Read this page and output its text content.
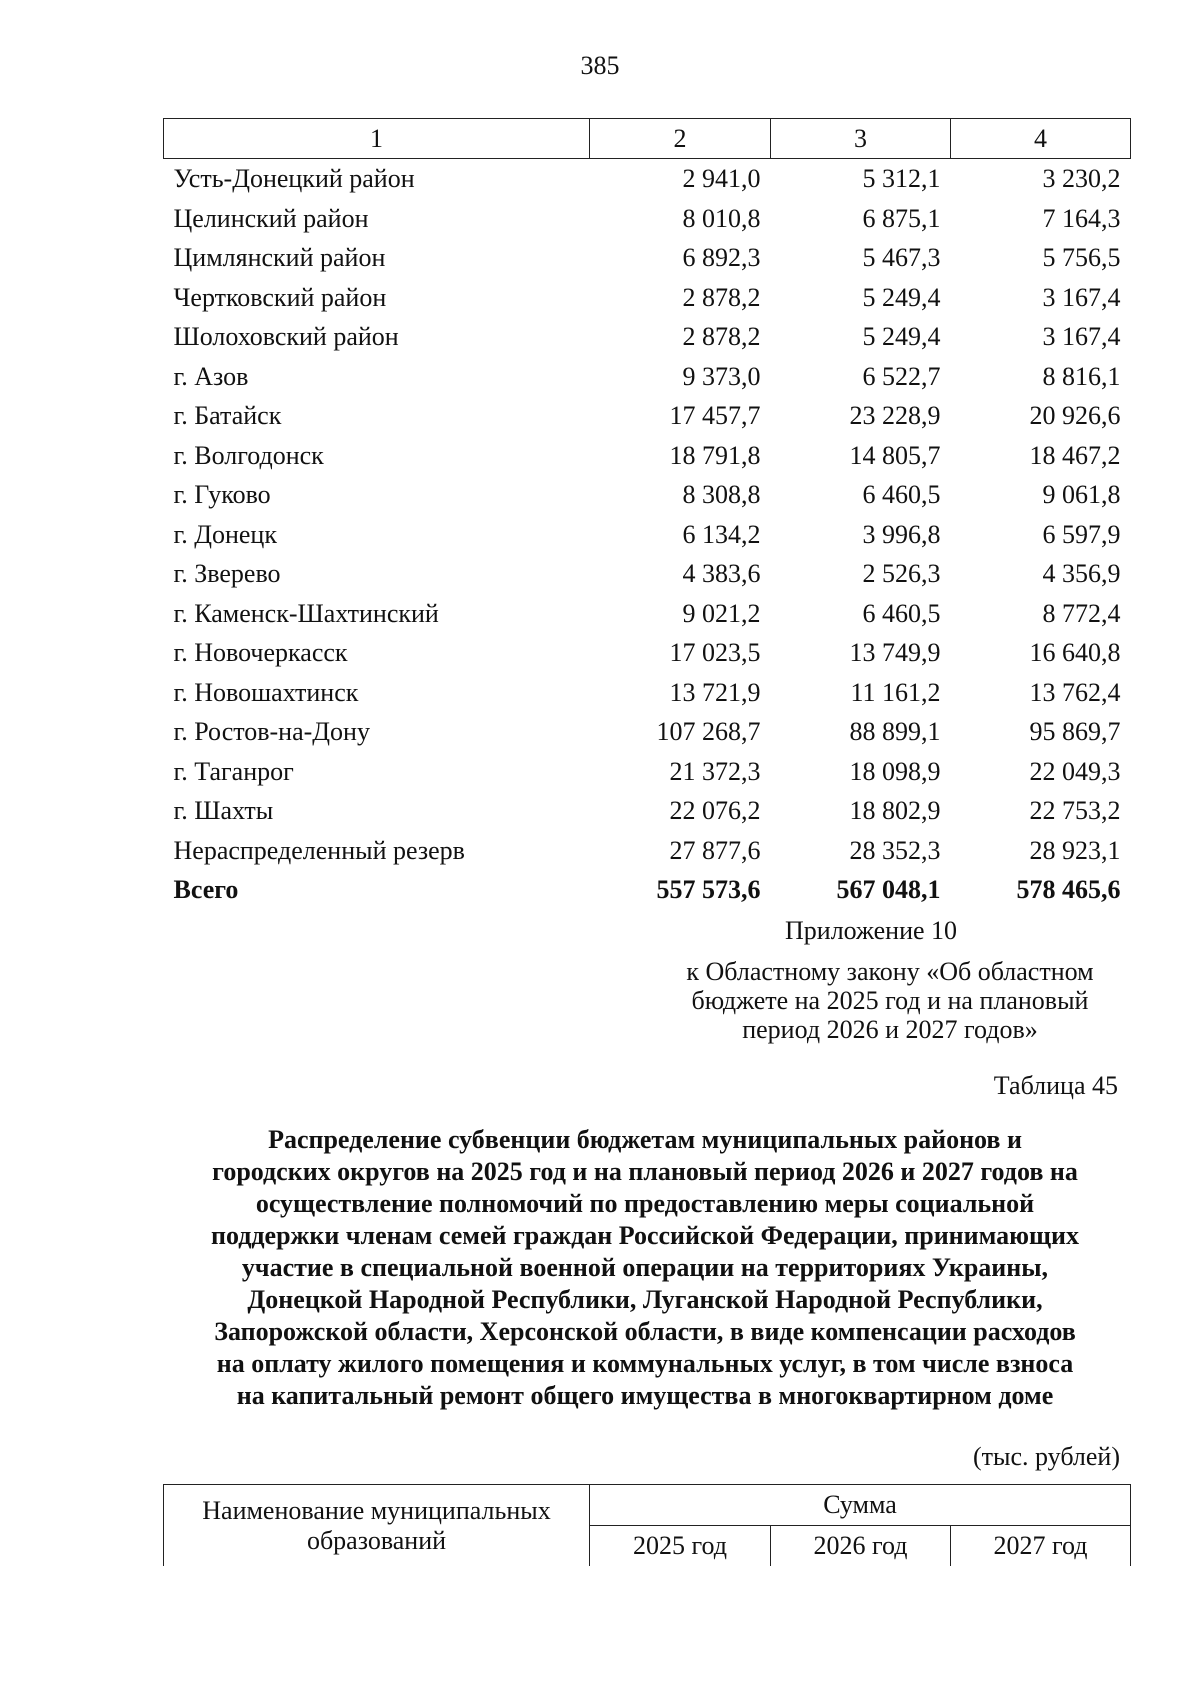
385
1	2	3	4
Усть-Донецкий район	2 941,0	5 312,1	3 230,2
Целинский район	8 010,8	6 875,1	7 164,3
Цимлянский район	6 892,3	5 467,3	5 756,5
Чертковский район	2 878,2	5 249,4	3 167,4
Шолоховский район	2 878,2	5 249,4	3 167,4
г. Азов	9 373,0	6 522,7	8 816,1
г. Батайск	17 457,7	23 228,9	20 926,6
г. Волгодонск	18 791,8	14 805,7	18 467,2
г. Гуково	8 308,8	6 460,5	9 061,8
г. Донецк	6 134,2	3 996,8	6 597,9
г. Зверево	4 383,6	2 526,3	4 356,9
г. Каменск-Шахтинский	9 021,2	6 460,5	8 772,4
г. Новочеркасск	17 023,5	13 749,9	16 640,8
г. Новошахтинск	13 721,9	11 161,2	13 762,4
г. Ростов-на-Дону	107 268,7	88 899,1	95 869,7
г. Таганрог	21 372,3	18 098,9	22 049,3
г. Шахты	22 076,2	18 802,9	22 753,2
Нераспределенный резерв	27 877,6	28 352,3	28 923,1
Всего	557 573,6	567 048,1	578 465,6
Приложение 10
к Областному закону «Об областном
бюджете на 2025 год и на плановый
период 2026 и 2027 годов»
Таблица 45
Распределение субвенции бюджетам муниципальных районов и
городских округов на 2025 год и на плановый период 2026 и 2027 годов на
осуществление полномочий по предоставлению меры социальной
поддержки членам семей граждан Российской Федерации, принимающих
участие в специальной военной операции на территориях Украины,
Донецкой Народной Республики, Луганской Народной Республики,
Запорожской области, Херсонской области, в виде компенсации расходов
на оплату жилого помещения и коммунальных услуг, в том числе взноса
на капитальный ремонт общего имущества в многоквартирном доме
(тыс. рублей)
Наименование муниципальных
образований	Сумма		
	2025 год	2026 год	2027 год
